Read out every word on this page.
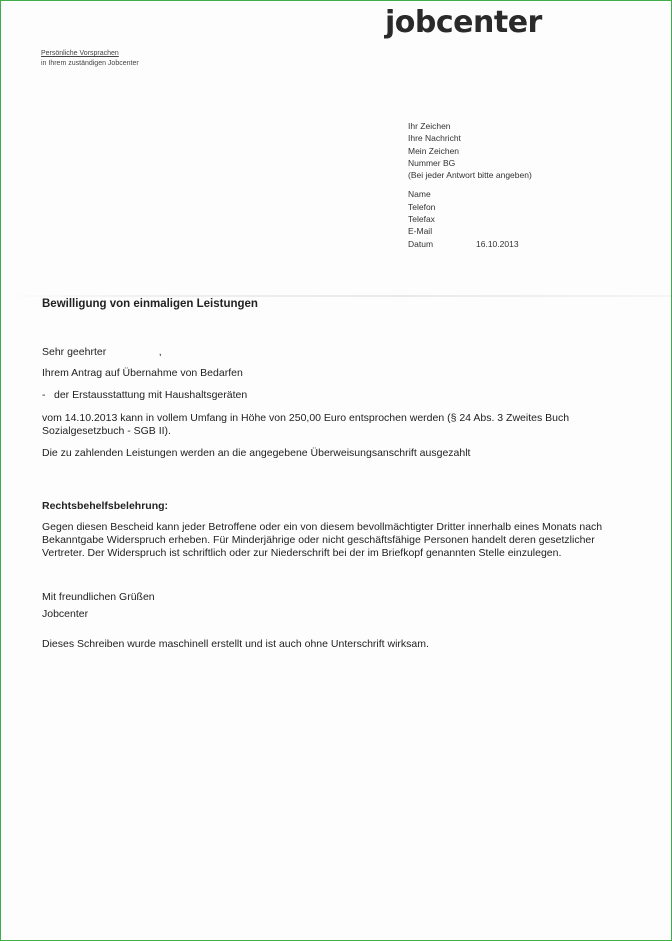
jobcenter
Persönliche Vorsprachen
in Ihrem zuständigen Jobcenter
Ihr Zeichen
Ihre Nachricht
Mein Zeichen
Nummer BG
(Bei jeder Antwort bitte angeben)
Name
Telefon
Telefax
E-Mail
Datum	16.10.2013

Bewilligung von einmaligen Leistungen

Sehr geehrter                  ,

Ihrem Antrag auf Übernahme von Bedarfen

- der Erstausstattung mit Haushaltsgeräten

vom 14.10.2013 kann in vollem Umfang in Höhe von 250,00 Euro entsprochen werden (§ 24 Abs. 3 Zweites Buch Sozialgesetzbuch - SGB II).

Die zu zahlenden Leistungen werden an die angegebene Überweisungsanschrift ausgezahlt

Rechtsbehelfsbelehrung:

Gegen diesen Bescheid kann jeder Betroffene oder ein von diesem bevollmächtigter Dritter innerhalb eines Monats nach Bekanntgabe Widerspruch erheben. Für Minderjährige oder nicht geschäftsfähige Personen handelt deren gesetzlicher Vertreter. Der Widerspruch ist schriftlich oder zur Niederschrift bei der im Briefkopf genannten Stelle einzulegen.

Mit freundlichen Grüßen
Jobcenter

Dieses Schreiben wurde maschinell erstellt und ist auch ohne Unterschrift wirksam.
